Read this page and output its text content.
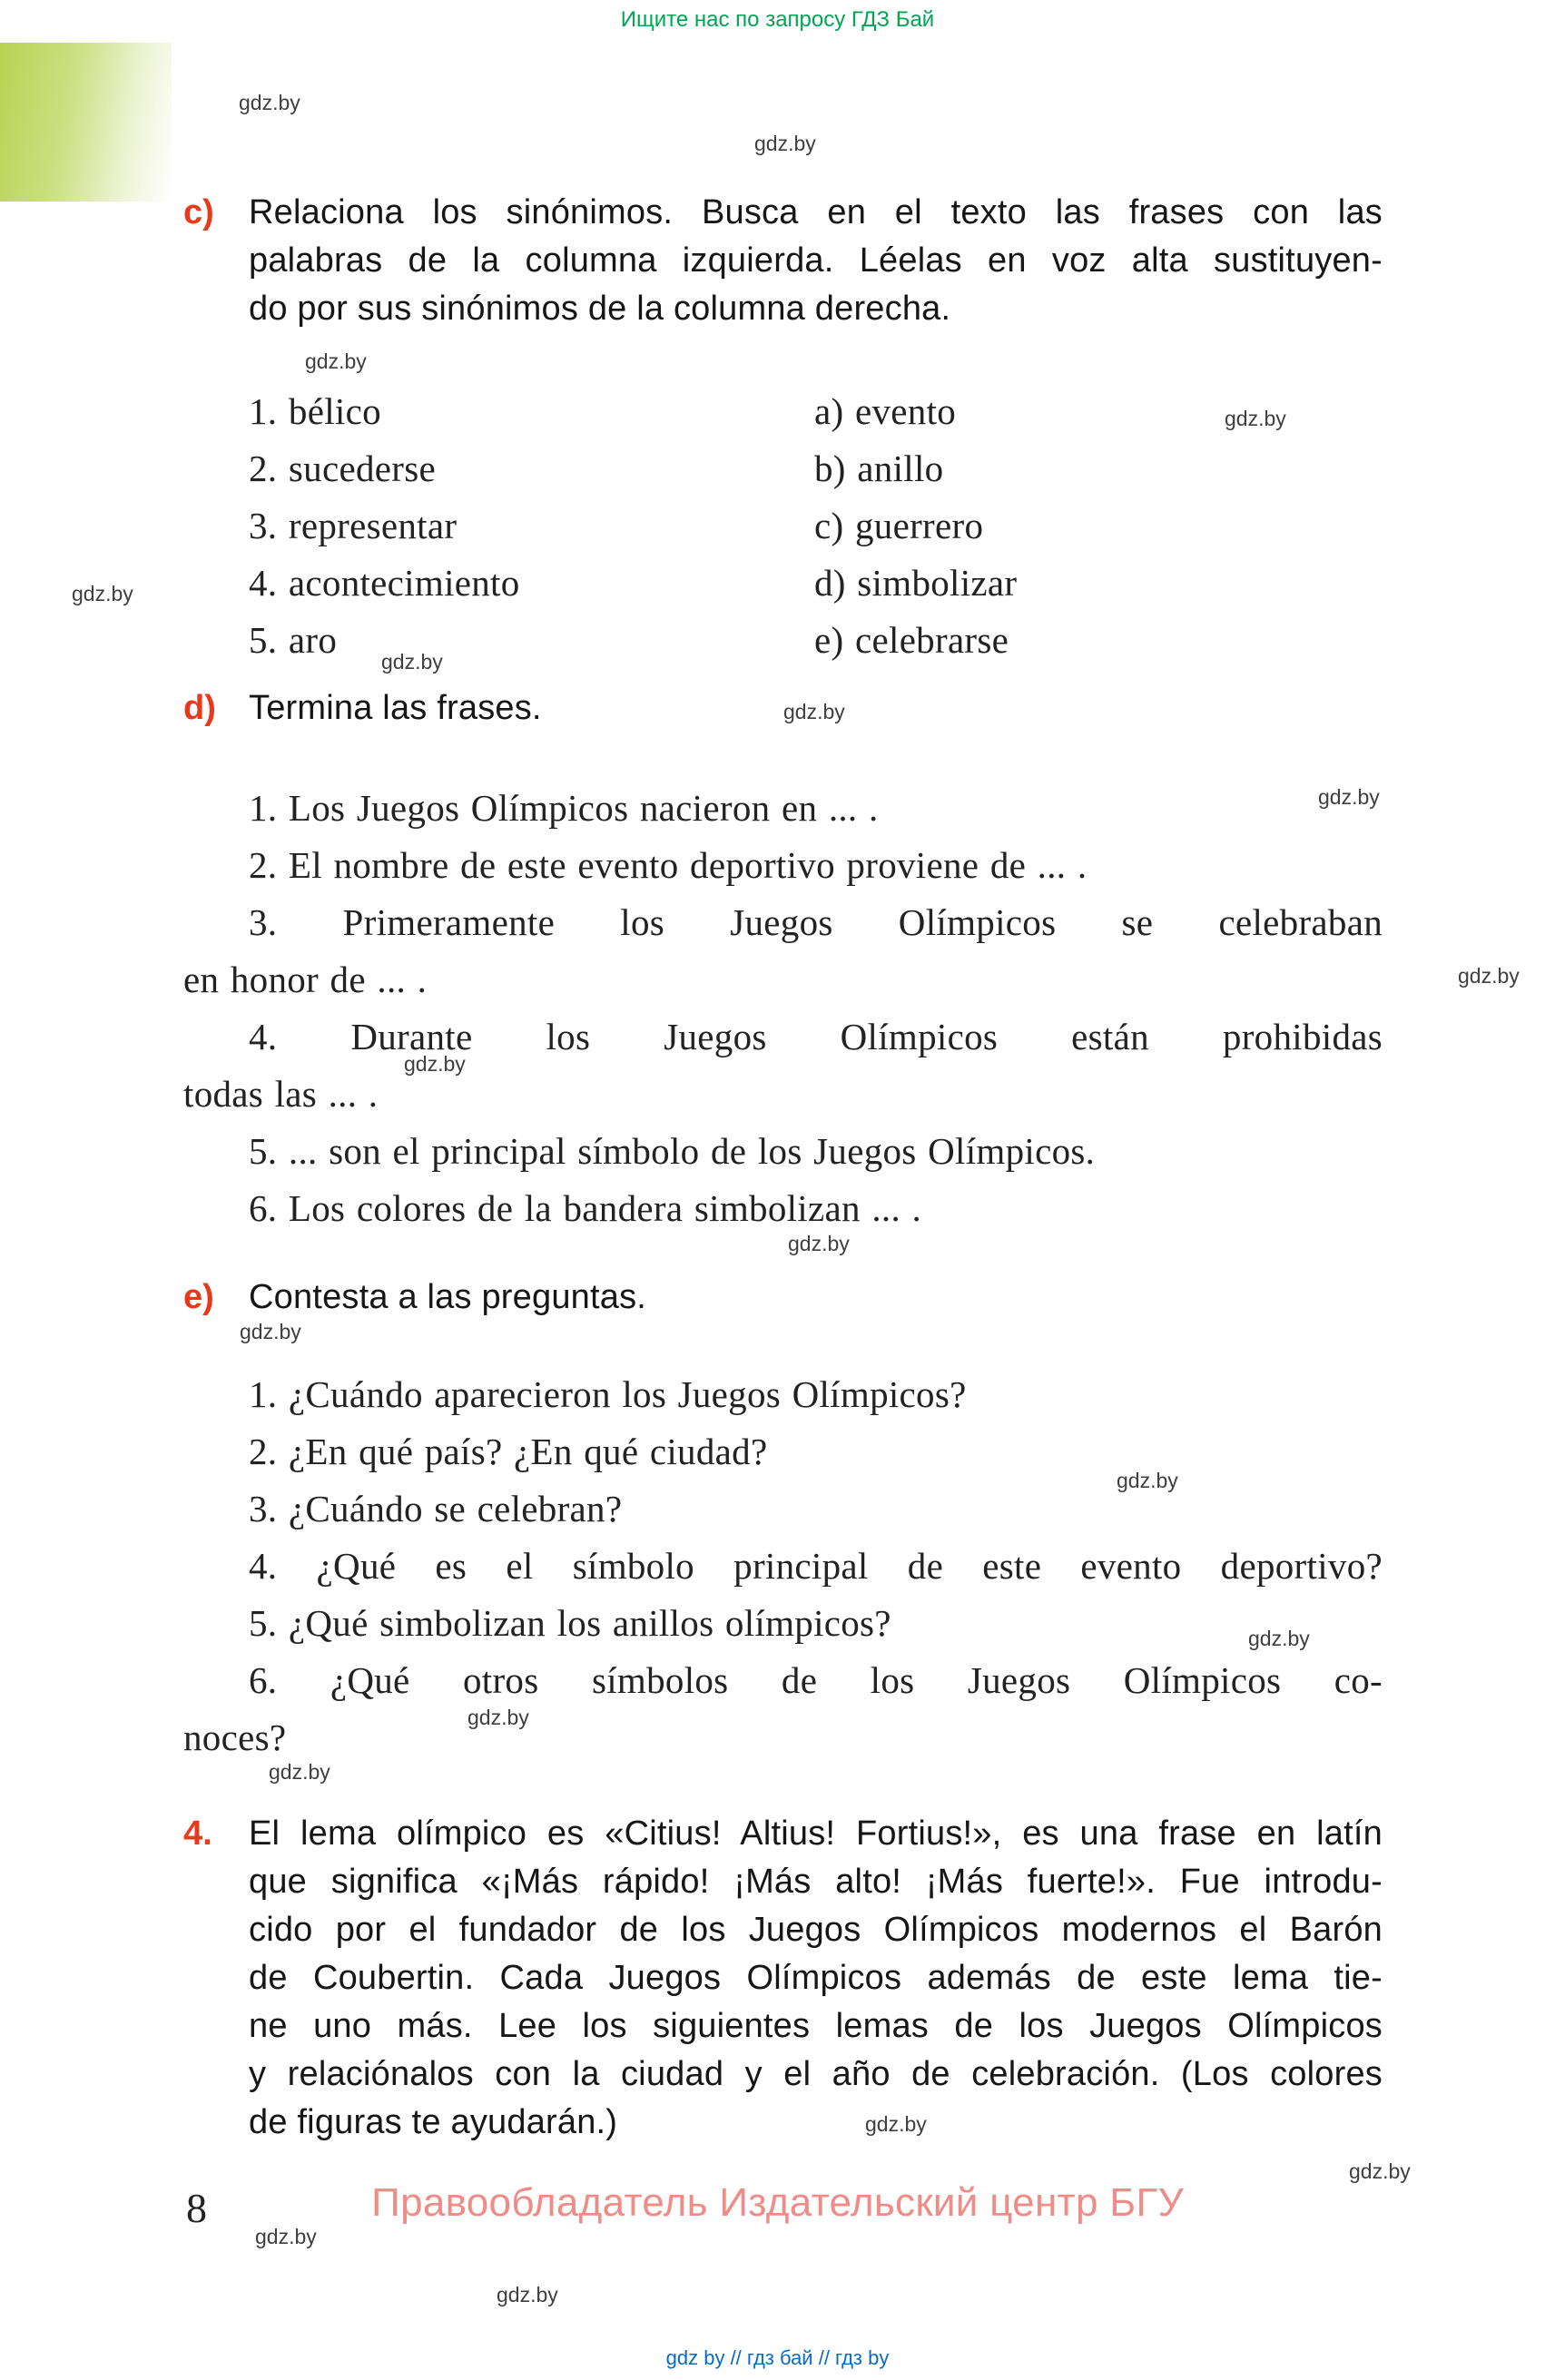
Ищите нас по запросу ГДЗ Бай
gdz.by
gdz.by
gdz.by
gdz.by
gdz.by
gdz.by
gdz.by
gdz.by
gdz.by
gdz.by
gdz.by
gdz.by
gdz.by
gdz.by
gdz.by
gdz.by
gdz.by
gdz.by
gdz.by
gdz.by
c) Relaciona los sinónimos. Busca en el texto las frases con las
palabras de la columna izquierda. Léelas en voz alta sustituyen-
do por sus sinónimos de la columna derecha.
1. bélico
2. sucederse
3. representar
4. acontecimiento
5. aro
a) evento
b) anillo
c) guerrero
d) simbolizar
e) celebrarse
d) Termina las frases.
1. Los Juegos Olímpicos nacieron en ... .
2. El nombre de este evento deportivo proviene de ... .
3. Primeramente los Juegos Olímpicos se celebraban
en honor de ... .
4. Durante los Juegos Olímpicos están prohibidas
todas las ... .
5. ... son el principal símbolo de los Juegos Olímpicos.
6. Los colores de la bandera simbolizan ... .
e) Contesta a las preguntas.
1. ¿Cuándo aparecieron los Juegos Olímpicos?
2. ¿En qué país? ¿En qué ciudad?
3. ¿Cuándo se celebran?
4. ¿Qué es el símbolo principal de este evento deportivo?
5. ¿Qué simbolizan los anillos olímpicos?
6. ¿Qué otros símbolos de los Juegos Olímpicos co-
noces?
4. El lema olímpico es «Citius! Altius! Fortius!», es una frase en latín
que significa «¡Más rápido! ¡Más alto! ¡Más fuerte!». Fue introdu-
cido por el fundador de los Juegos Olímpicos modernos el Barón
de Coubertin. Cada Juegos Olímpicos además de este lema tie-
ne uno más. Lee los siguientes lemas de los Juegos Olímpicos
y relaciónalos con la ciudad y el año de celebración. (Los colores
de figuras te ayudarán.)
8	Правообладатель Издательский центр БГУ
gdz by // гдз бай // гдз by
